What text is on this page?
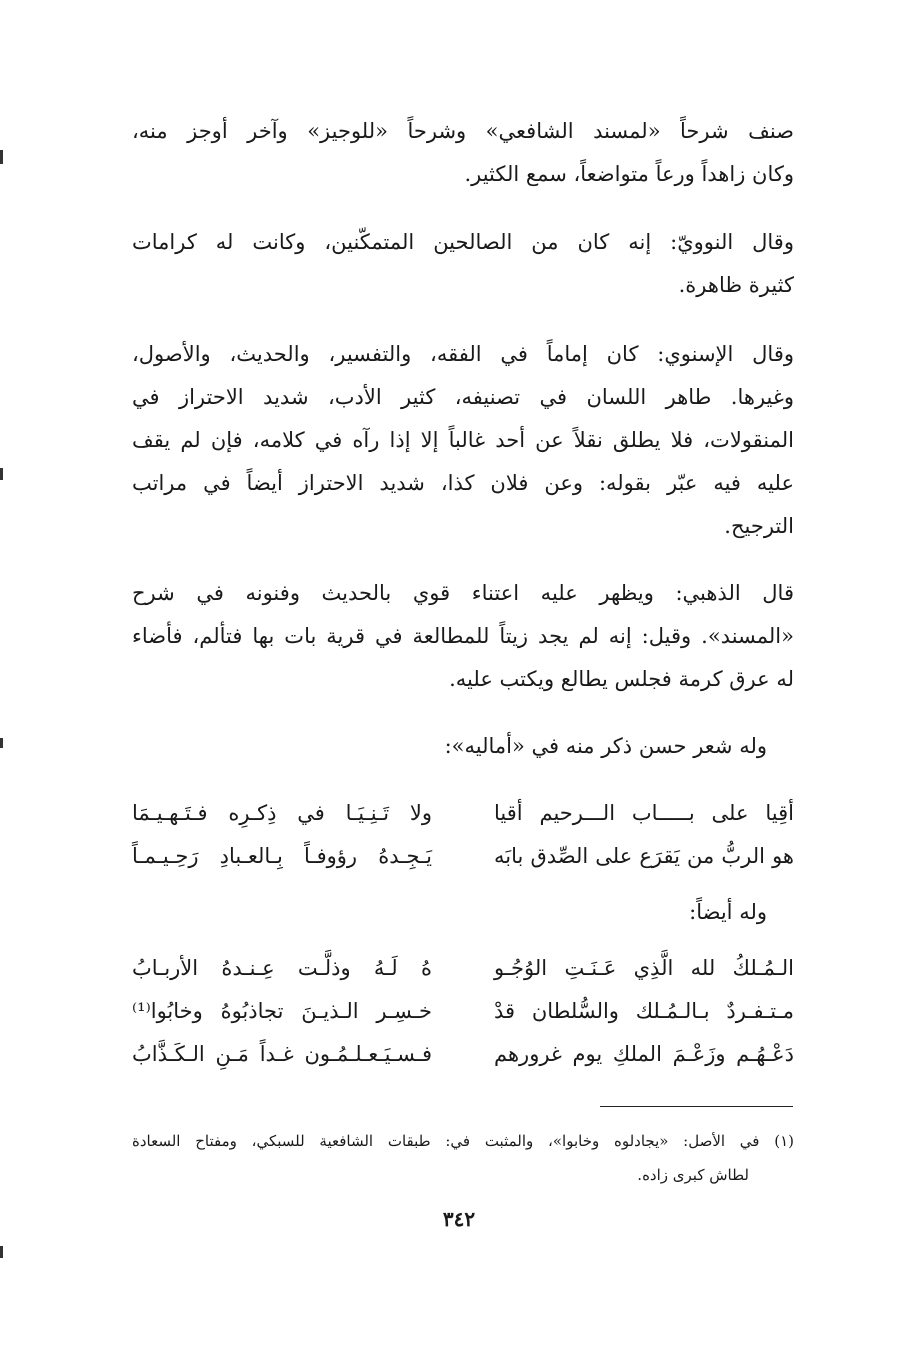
صنف شرحاً «لمسند الشافعي» وشرحاً «للوجيز» وآخر أوجز منه،
وكان زاهداً ورعاً متواضعاً، سمع الكثير.
وقال النوويّ: إنه كان من الصالحين المتمكّنين، وكانت له كرامات
كثيرة ظاهرة.
وقال الإسنوي: كان إماماً في الفقه، والتفسير، والحديث، والأصول،
وغيرها. طاهر اللسان في تصنيفه، كثير الأدب، شديد الاحتراز في
المنقولات، فلا يطلق نقلاً عن أحد غالباً إلا إذا رآه في كلامه، فإن لم يقف
عليه فيه عبّر بقوله: وعن فلان كذا، شديد الاحتراز أيضاً في مراتب
الترجيح.
قال الذهبي: ويظهر عليه اعتناء قوي بالحديث وفنونه في شرح
«المسند». وقيل: إنه لم يجد زيتاً للمطالعة في قرية بات بها فتألم، فأضاء
له عرق كرمة فجلس يطالع ويكتب عليه.
وله شعر حسن ذكر منه في «أماليه»:
أقِيا على بـــــاب الـــرحيم أقيا
ولا تَـنِـيَـا في ذِكـرِه فـتَـهـيـمَا
هو الربُّ من يَقرَع على الصِّدق بابَه
يَـجِـدهُ رؤوفـاً بِـالعـبادِ رَحِـيـمـاً
وله أيضاً:
الـمُـلكُ لله الَّذِي عَـنَـتِ الوُجُـو
هُ لَـهُ وذلَّـت عِـنـدهُ الأربـابُ
مـتـفـردٌ بـالـمُـلك والسُّلطان قدْ
خـسِـر الـذيـنَ تجاذبُوهُ وخابُوا⁽¹⁾
دَعْـهُـم وزَعْـمَ الملكِ يوم غرورهم
فـسـيَـعـلـمُـون غـداً مَـنِ الـكَـذَّابُ
(١) في الأصل: «يجادلوه وخابوا»، والمثبت في: طبقات الشافعية للسبكي، ومفتاح السعادة
لطاش كبرى زاده.
٣٤٢
